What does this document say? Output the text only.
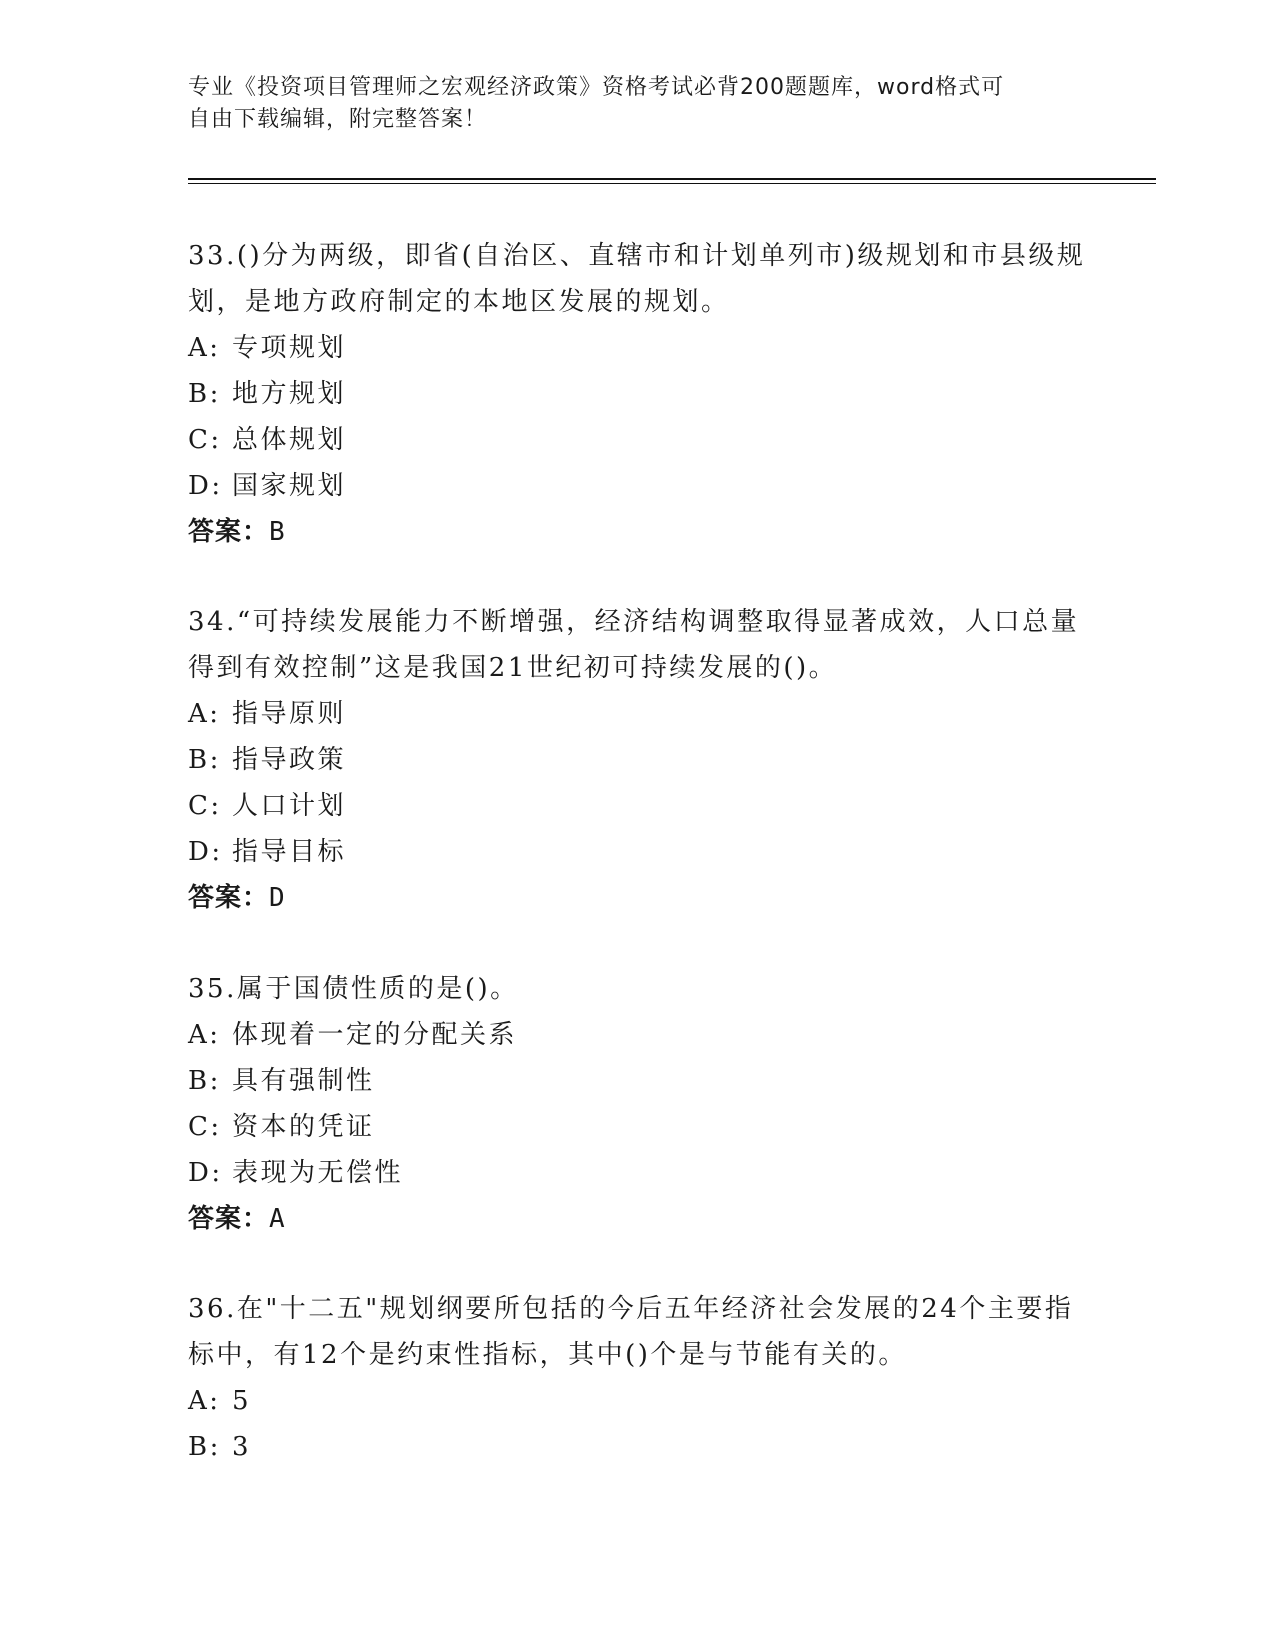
专业《投资项目管理师之宏观经济政策》资格考试必背200题题库，word格式可
自由下载编辑，附完整答案！

33.()分为两级，即省(自治区、直辖市和计划单列市)级规划和市县级规划，是地方政府制定的本地区发展的规划。

A: 专项规划

B: 地方规划

C: 总体规划

D: 国家规划

答案：B

34.“可持续发展能力不断增强，经济结构调整取得显著成效，人口总量得到有效控制”这是我国21世纪初可持续发展的()。

A: 指导原则

B: 指导政策

C: 人口计划

D: 指导目标

答案：D

35.属于国债性质的是()。

A: 体现着一定的分配关系

B: 具有强制性

C: 资本的凭证

D: 表现为无偿性

答案：A

36.在"十二五"规划纲要所包括的今后五年经济社会发展的24个主要指标中，有12个是约束性指标，其中()个是与节能有关的。

A: 5

B: 3
